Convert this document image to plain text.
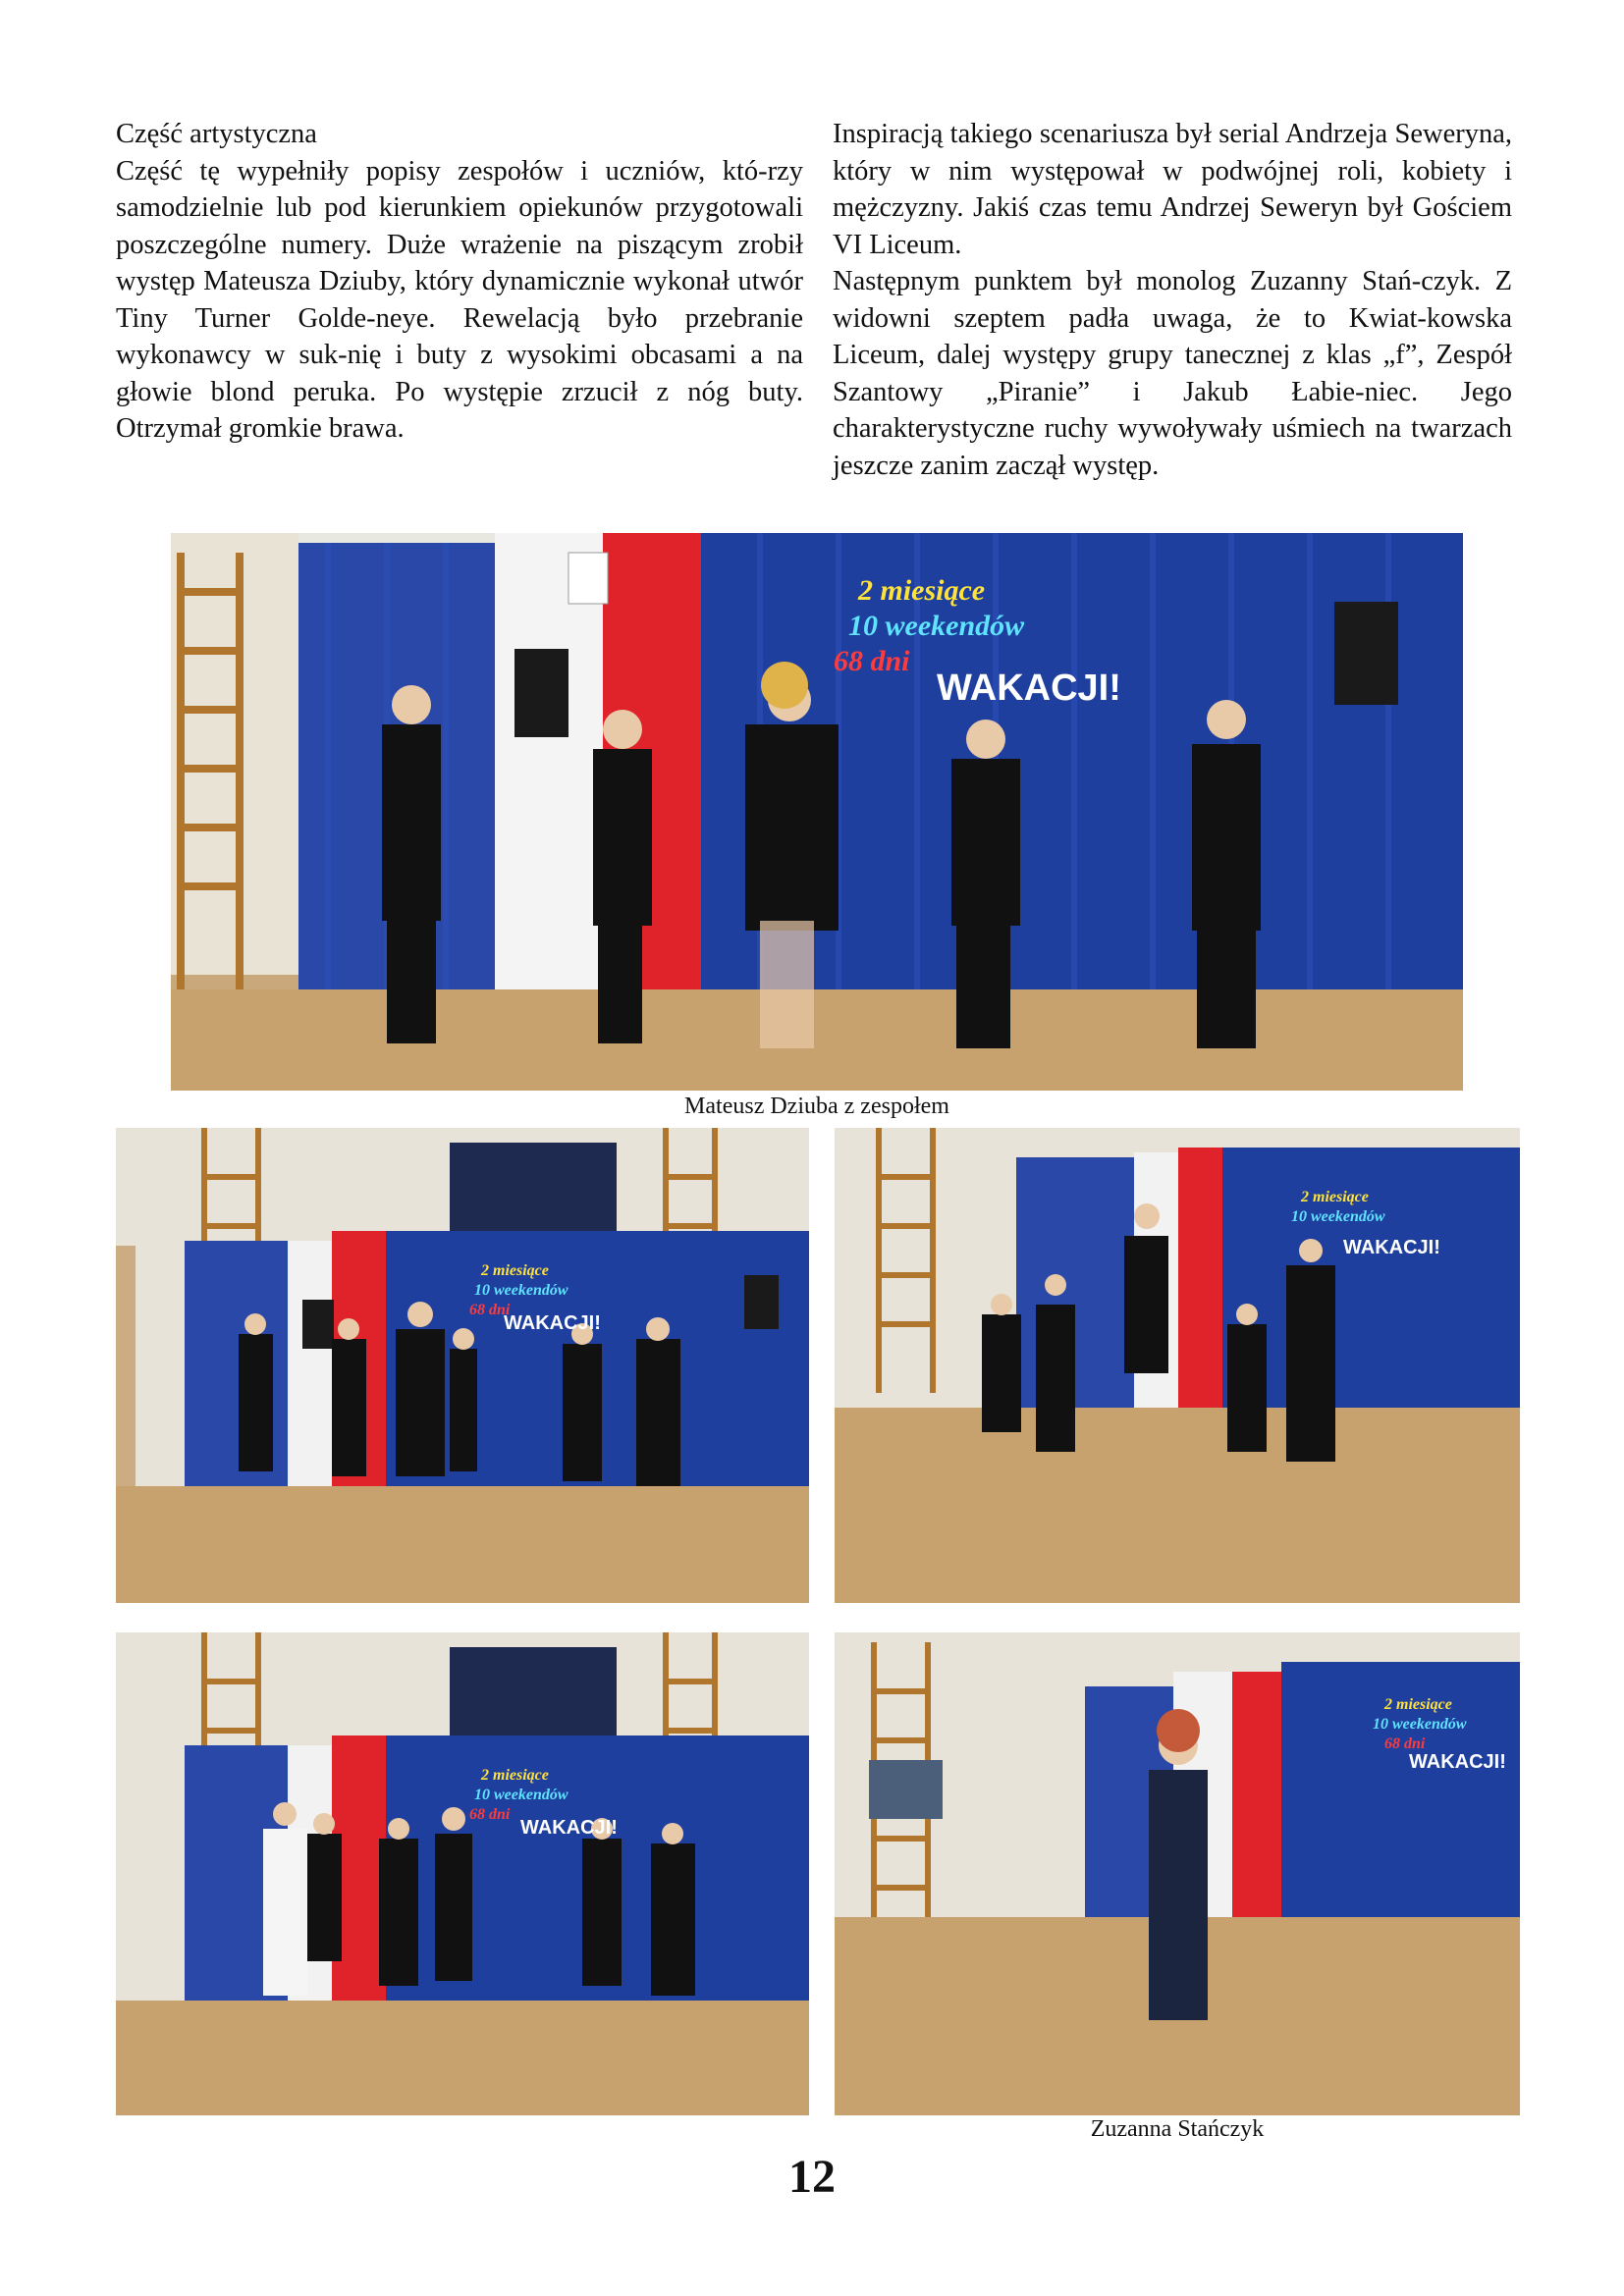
Część artystyczna

Część tę wypełniły popisy zespołów i uczniów, któ-rzy samodzielnie lub pod kierunkiem opiekunów przygotowali poszczególne numery. Duże wrażenie na piszącym zrobił występ Mateusza Dziuby, który dynamicznie wykonał utwór Tiny Turner Golde-neye. Rewelacją było przebranie wykonawcy w suk-nię i buty z wysokimi obcasami a na głowie blond peruka. Po występie zrzucił z nóg buty. Otrzymał gromkie brawa.

Inspiracją takiego scenariusza był serial Andrzeja Seweryna, który w nim występował w podwójnej roli, kobiety i mężczyzny. Jakiś czas temu Andrzej Seweryn był Gościem VI Liceum.

Następnym punktem był monolog Zuzanny Stań-czyk. Z widowni szeptem padła uwaga, że to Kwiat-kowska Liceum, dalej występy grupy tanecznej z klas „f”, Zespół Szantowy „Piranie” i Jakub Łabie-niec. Jego charakterystyczne ruchy wywoływały uśmiech na twarzach jeszcze zanim zaczął występ.

2 miesiące
10 weekendów
68 dni
WAKACJI!
Mateusz Dziuba z zespołem
2 miesiące
10 weekendów
68 dni
WAKACJI!
2 miesiące
10 weekendów
WAKACJI!
2 miesiące
10 weekendów
68 dni
WAKACJI!
2 miesiące
10 weekendów
68 dni
WAKACJI!
Zuzanna Stańczyk
12
